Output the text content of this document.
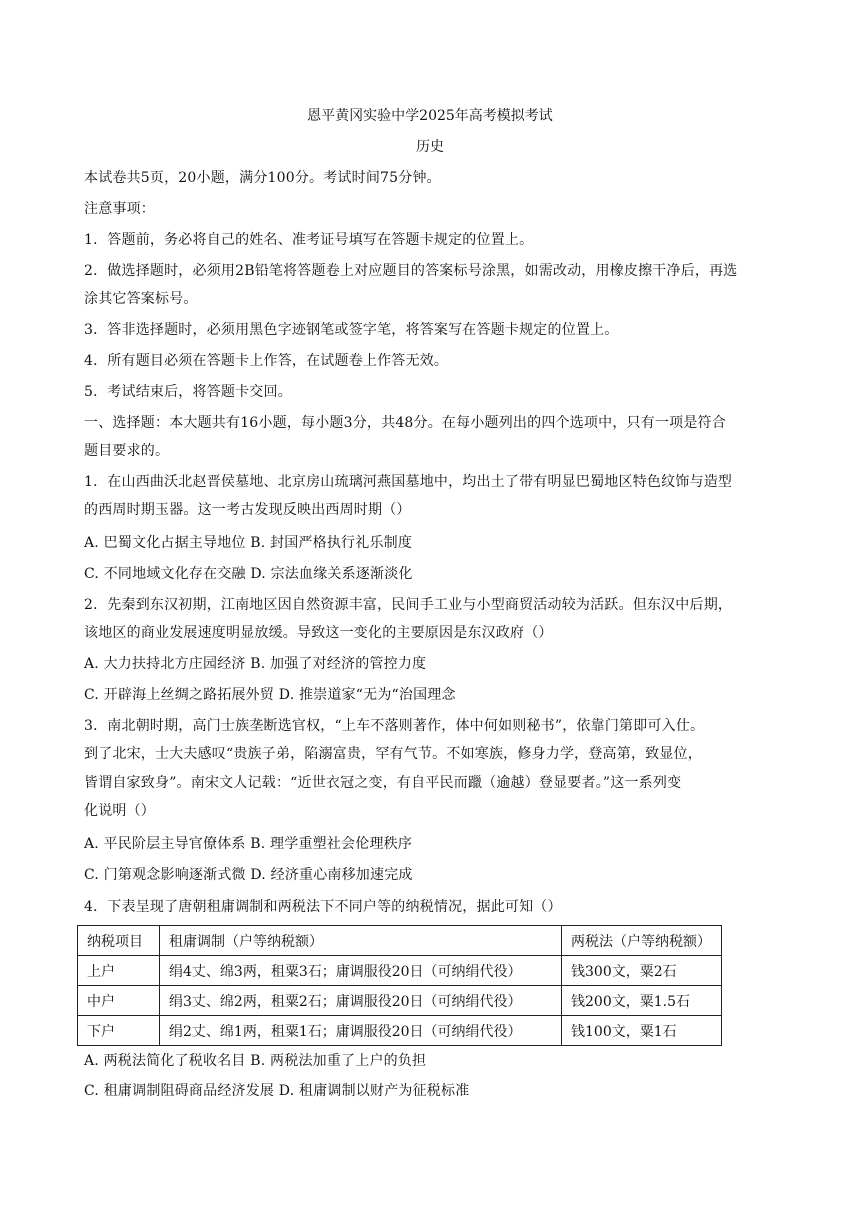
恩平黄冈实验中学2025年高考模拟考试
历史
本试卷共5页，20小题，满分100分。考试时间75分钟。
注意事项：
1．答题前，务必将自己的姓名、准考证号填写在答题卡规定的位置上。
2．做选择题时，必须用2B铅笔将答题卷上对应题目的答案标号涂黑，如需改动，用橡皮擦干净后，再选
涂其它答案标号。
3．答非选择题时，必须用黑色字迹钢笔或签字笔，将答案写在答题卡规定的位置上。
4．所有题目必须在答题卡上作答，在试题卷上作答无效。
5．考试结束后，将答题卡交回。
一、选择题：本大题共有16小题，每小题3分，共48分。在每小题列出的四个选项中，只有一项是符合
题目要求的。
1．在山西曲沃北赵晋侯墓地、北京房山琉璃河燕国墓地中，均出土了带有明显巴蜀地区特色纹饰与造型
的西周时期玉器。这一考古发现反映出西周时期（）
A. 巴蜀文化占据主导地位 B. 封国严格执行礼乐制度
C. 不同地域文化存在交融 D. 宗法血缘关系逐渐淡化
2．先秦到东汉初期，江南地区因自然资源丰富，民间手工业与小型商贸活动较为活跃。但东汉中后期，
该地区的商业发展速度明显放缓。导致这一变化的主要原因是东汉政府（）
A. 大力扶持北方庄园经济 B. 加强了对经济的管控力度
C. 开辟海上丝绸之路拓展外贸 D. 推崇道家“无为“治国理念
3．南北朝时期，高门士族垄断选官权，“上车不落则著作，体中何如则秘书”，依靠门第即可入仕。
到了北宋，士大夫感叹“贵族子弟，陷溺富贵，罕有气节。不如寒族，修身力学，登高第，致显位，
皆谓自家致身”。南宋文人记载：“近世衣冠之变，有自平民而躐（逾越）登显要者。”这一系列变
化说明（）
A. 平民阶层主导官僚体系 B. 理学重塑社会伦理秩序
C. 门第观念影响逐渐式微 D. 经济重心南移加速完成
4．下表呈现了唐朝租庸调制和两税法下不同户等的纳税情况，据此可知（）
纳税项目	租庸调制（户等纳税额）	两税法（户等纳税额）
上户	绢4丈、绵3两，租粟3石；庸调服役20日（可纳绢代役）	钱300文，粟2石
中户	绢3丈、绵2两，租粟2石；庸调服役20日（可纳绢代役）	钱200文，粟1.5石
下户	绢2丈、绵1两，租粟1石；庸调服役20日（可纳绢代役）	钱100文，粟1石
A. 两税法简化了税收名目 B. 两税法加重了上户的负担
C. 租庸调制阻碍商品经济发展 D. 租庸调制以财产为征税标准
